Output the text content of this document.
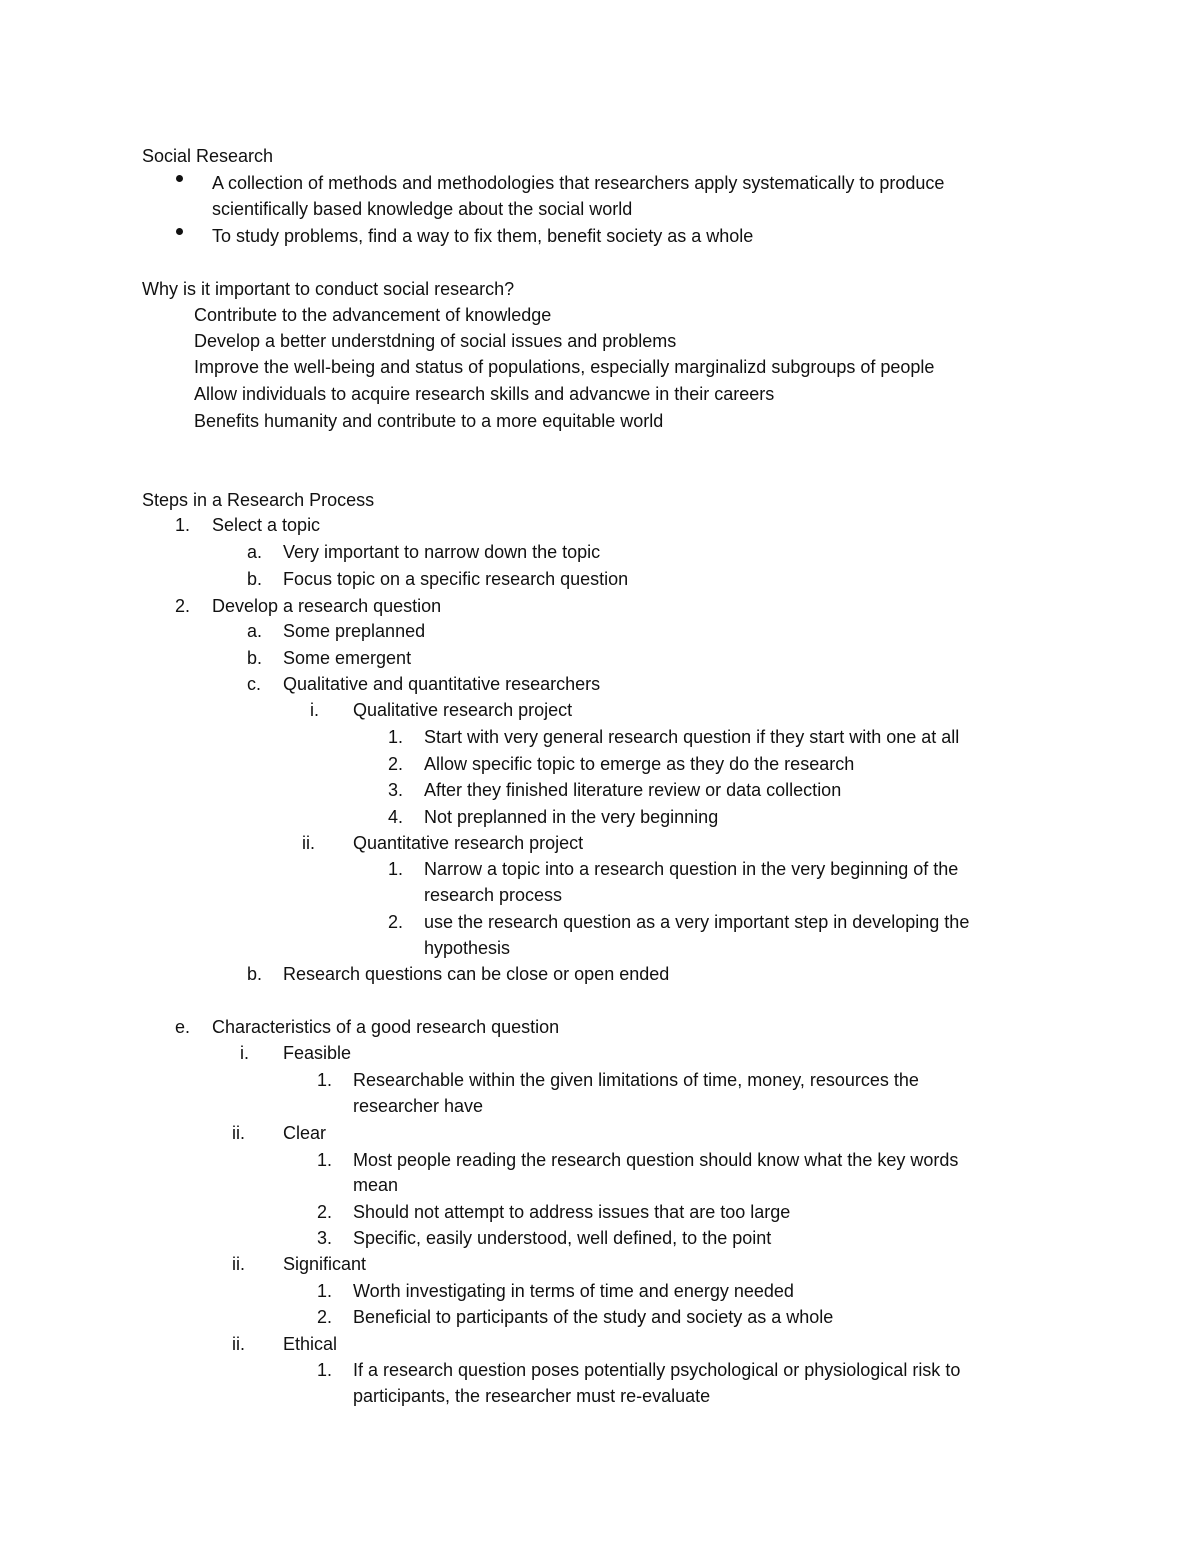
Social Research
A collection of methods and methodologies that researchers apply systematically to produce
scientifically based knowledge about the social world
To study problems, find a way to fix them, benefit society as a whole
Why is it important to conduct social research?
Contribute to the advancement of knowledge
Develop a better understdning of social issues and problems
Improve the well-being and status of populations, especially marginalizd subgroups of people
Allow individuals to acquire research skills and advancwe in their careers
Benefits humanity and contribute to a more equitable world
Steps in a Research Process
1. Select a topic
a. Very important to narrow down the topic
b. Focus topic on a specific research question
2. Develop a research question
a. Some preplanned
b. Some emergent
c. Qualitative and quantitative researchers
i. Qualitative research project
1. Start with very general research question if they start with one at all
2. Allow specific topic to emerge as they do the research
3. After they finished literature review or data collection
4. Not preplanned in the very beginning
ii. Quantitative research project
1. Narrow a topic into a research question in the very beginning of the
research process
2. use the research question as a very important step in developing the
hypothesis
b. Research questions can be close or open ended
e. Characteristics of a good research question
i. Feasible
1. Researchable within the given limitations of time, money, resources the
researcher have
ii. Clear
1. Most people reading the research question should know what the key words
mean
2. Should not attempt to address issues that are too large
3. Specific, easily understood, well defined, to the point
ii. Significant
1. Worth investigating in terms of time and energy needed
2. Beneficial to participants of the study and society as a whole
ii. Ethical
1. If a research question poses potentially psychological or physiological risk to
participants, the researcher must re-evaluate
